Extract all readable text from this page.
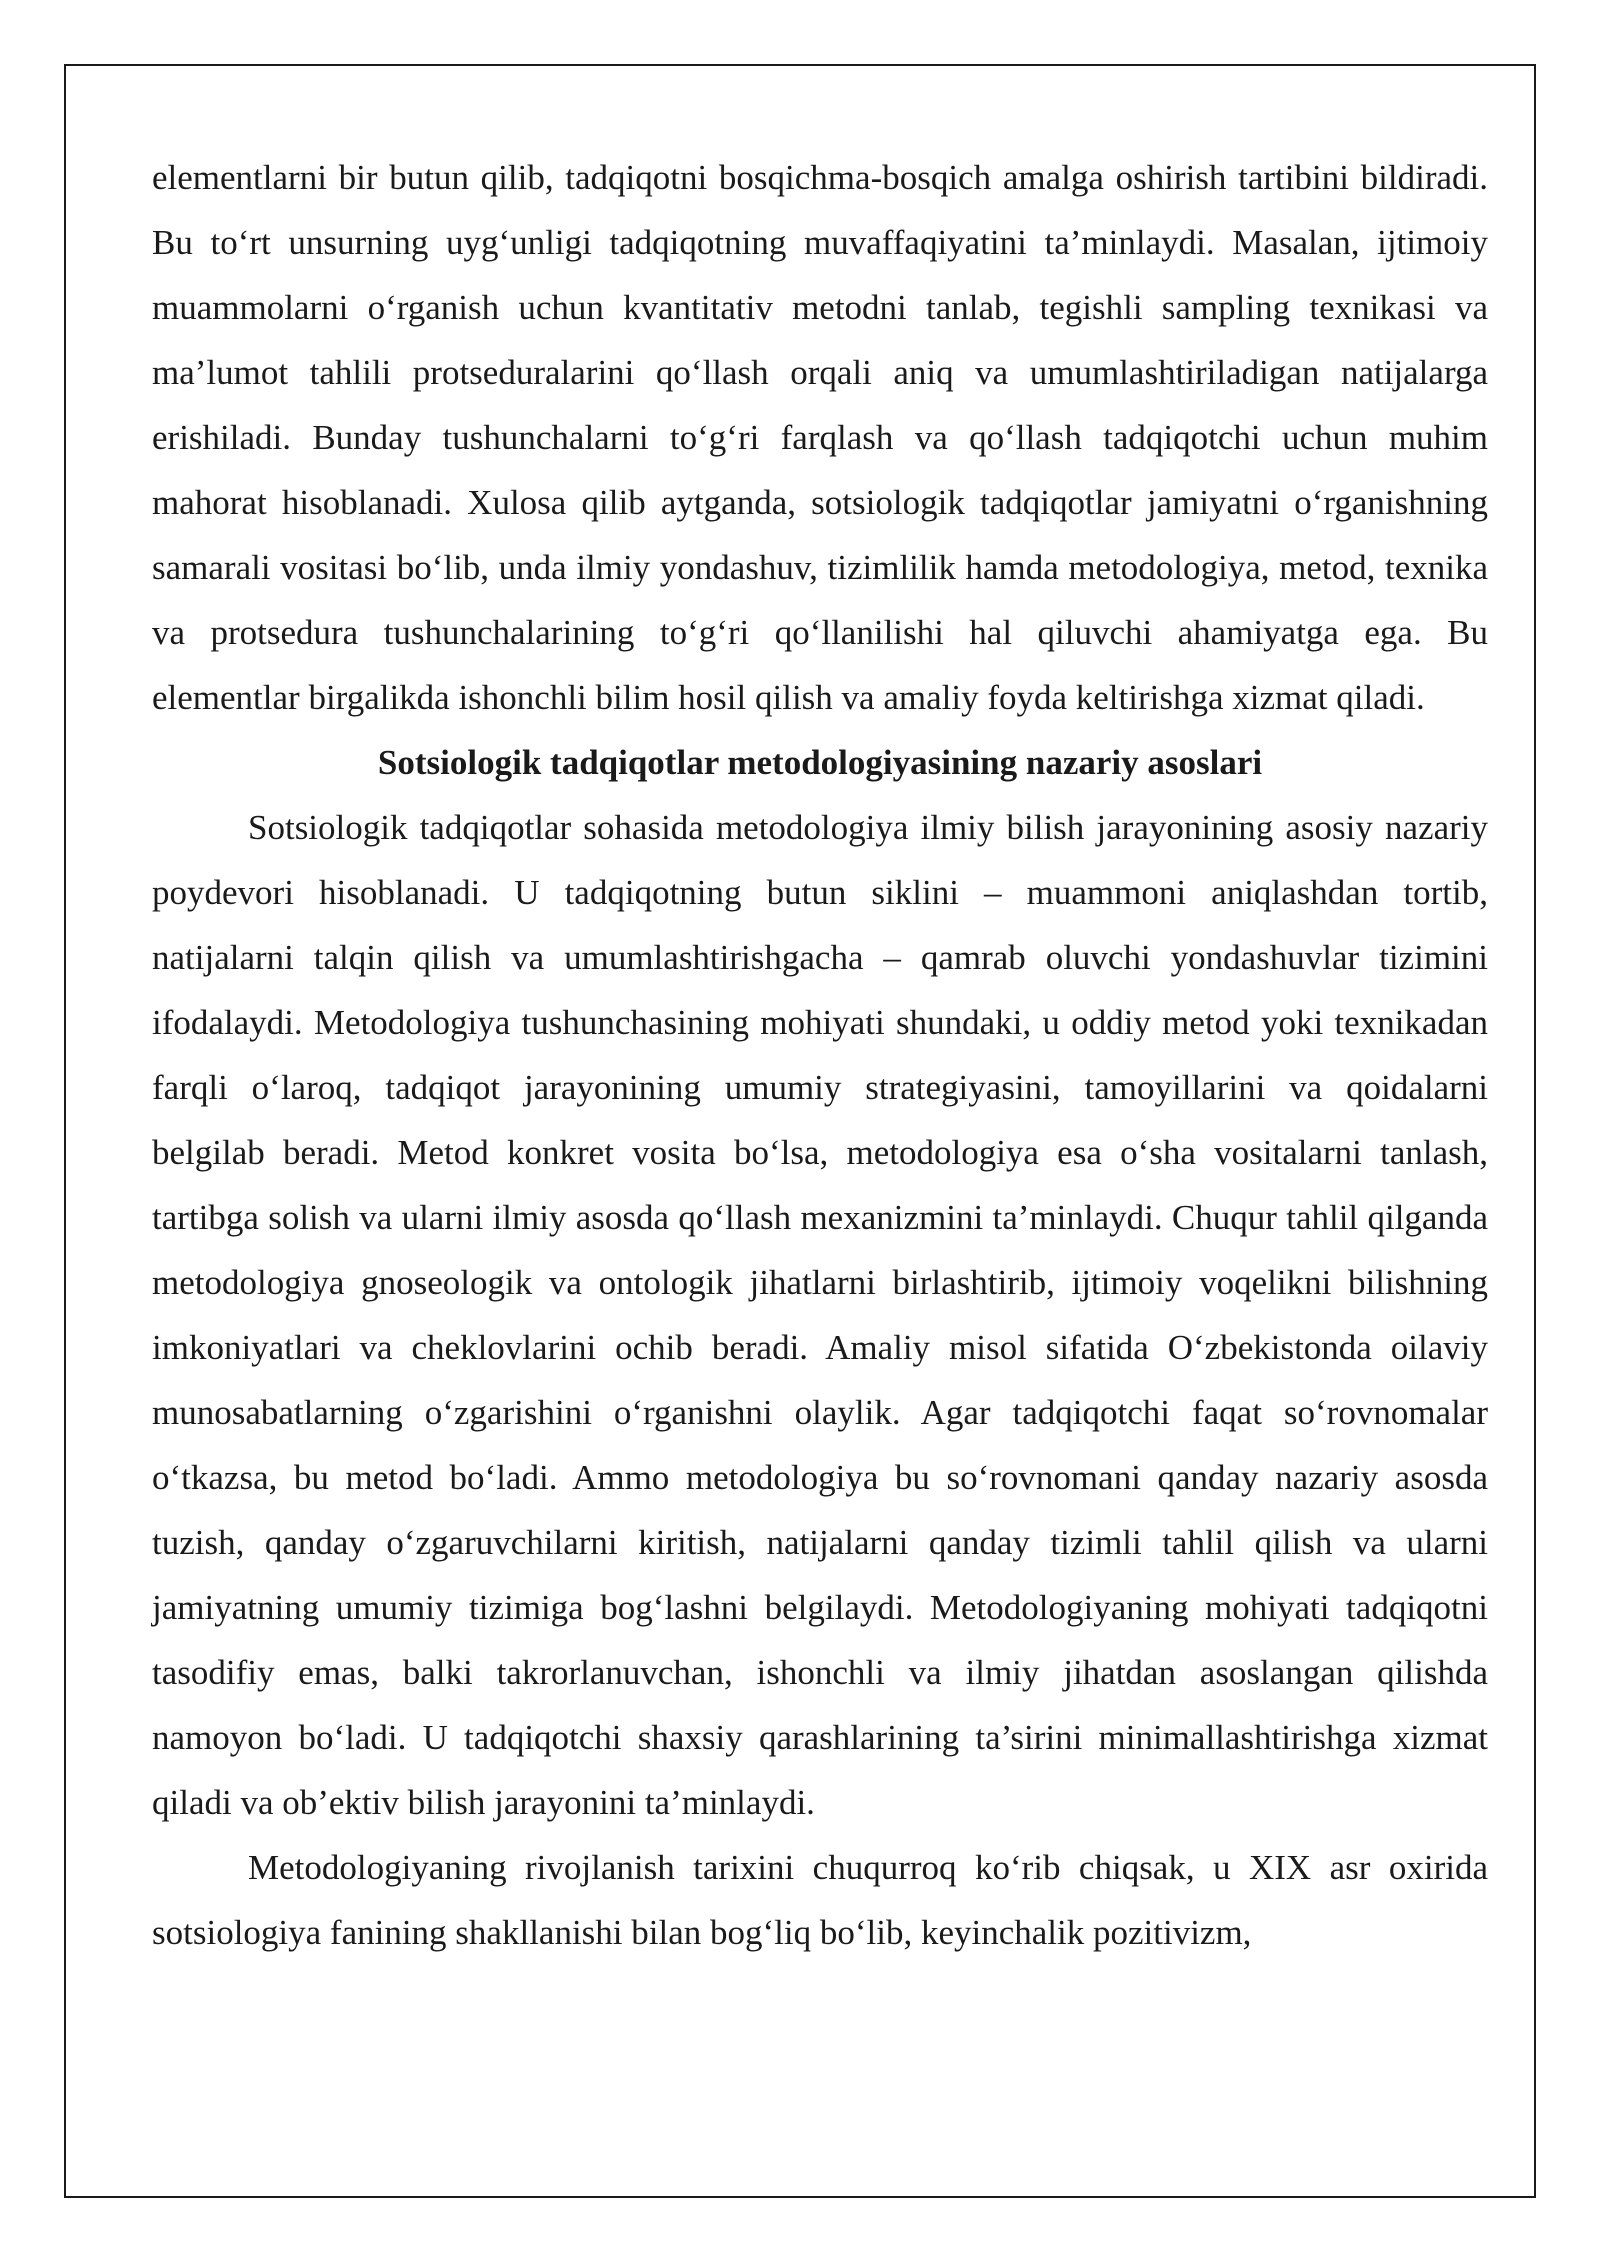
elementlarni bir butun qilib, tadqiqotni bosqichma-bosqich amalga oshirish tartibini bildiradi. Bu to‘rt unsurning uyg‘unligi tadqiqotning muvaffaqiyatini ta’minlaydi. Masalan, ijtimoiy muammolarni o‘rganish uchun kvantitativ metodni tanlab, tegishli sampling texnikasi va ma’lumot tahlili protseduralarini qo‘llash orqali aniq va umumlashtiriladigan natijalarga erishiladi. Bunday tushunchalarni to‘g‘ri farqlash va qo‘llash tadqiqotchi uchun muhim mahorat hisoblanadi. Xulosa qilib aytganda, sotsiologik tadqiqotlar jamiyatni o‘rganishning samarali vositasi bo‘lib, unda ilmiy yondashuv, tizimlilik hamda metodologiya, metod, texnika va protsedura tushunchalarining to‘g‘ri qo‘llanilishi hal qiluvchi ahamiyatga ega. Bu elementlar birgalikda ishonchli bilim hosil qilish va amaliy foyda keltirishga xizmat qiladi.

Sotsiologik tadqiqotlar metodologiyasining nazariy asoslari

Sotsiologik tadqiqotlar sohasida metodologiya ilmiy bilish jarayonining asosiy nazariy poydevori hisoblanadi. U tadqiqotning butun siklini – muammoni aniqlashdan tortib, natijalarni talqin qilish va umumlashtirishgacha – qamrab oluvchi yondashuvlar tizimini ifodalaydi. Metodologiya tushunchasining mohiyati shundaki, u oddiy metod yoki texnikadan farqli o‘laroq, tadqiqot jarayonining umumiy strategiyasini, tamoyillarini va qoidalarni belgilab beradi. Metod konkret vosita bo‘lsa, metodologiya esa o‘sha vositalarni tanlash, tartibga solish va ularni ilmiy asosda qo‘llash mexanizmini ta’minlaydi. Chuqur tahlil qilganda metodologiya gnoseologik va ontologik jihatlarni birlashtirib, ijtimoiy voqelikni bilishning imkoniyatlari va cheklovlarini ochib beradi. Amaliy misol sifatida O‘zbekistonda oilaviy munosabatlarning o‘zgarishini o‘rganishni olaylik. Agar tadqiqotchi faqat so‘rovnomalar o‘tkazsa, bu metod bo‘ladi. Ammo metodologiya bu so‘rovnomani qanday nazariy asosda tuzish, qanday o‘zgaruvchilarni kiritish, natijalarni qanday tizimli tahlil qilish va ularni jamiyatning umumiy tizimiga bog‘lashni belgilaydi. Metodologiyaning mohiyati tadqiqotni tasodifiy emas, balki takrorlanuvchan, ishonchli va ilmiy jihatdan asoslangan qilishda namoyon bo‘ladi. U tadqiqotchi shaxsiy qarashlarining ta’sirini minimallashtirishga xizmat qiladi va ob’ektiv bilish jarayonini ta’minlaydi.

Metodologiyaning rivojlanish tarixini chuqurroq ko‘rib chiqsak, u XIX asr oxirida sotsiologiya fanining shakllanishi bilan bog‘liq bo‘lib, keyinchalik pozitivizm,
